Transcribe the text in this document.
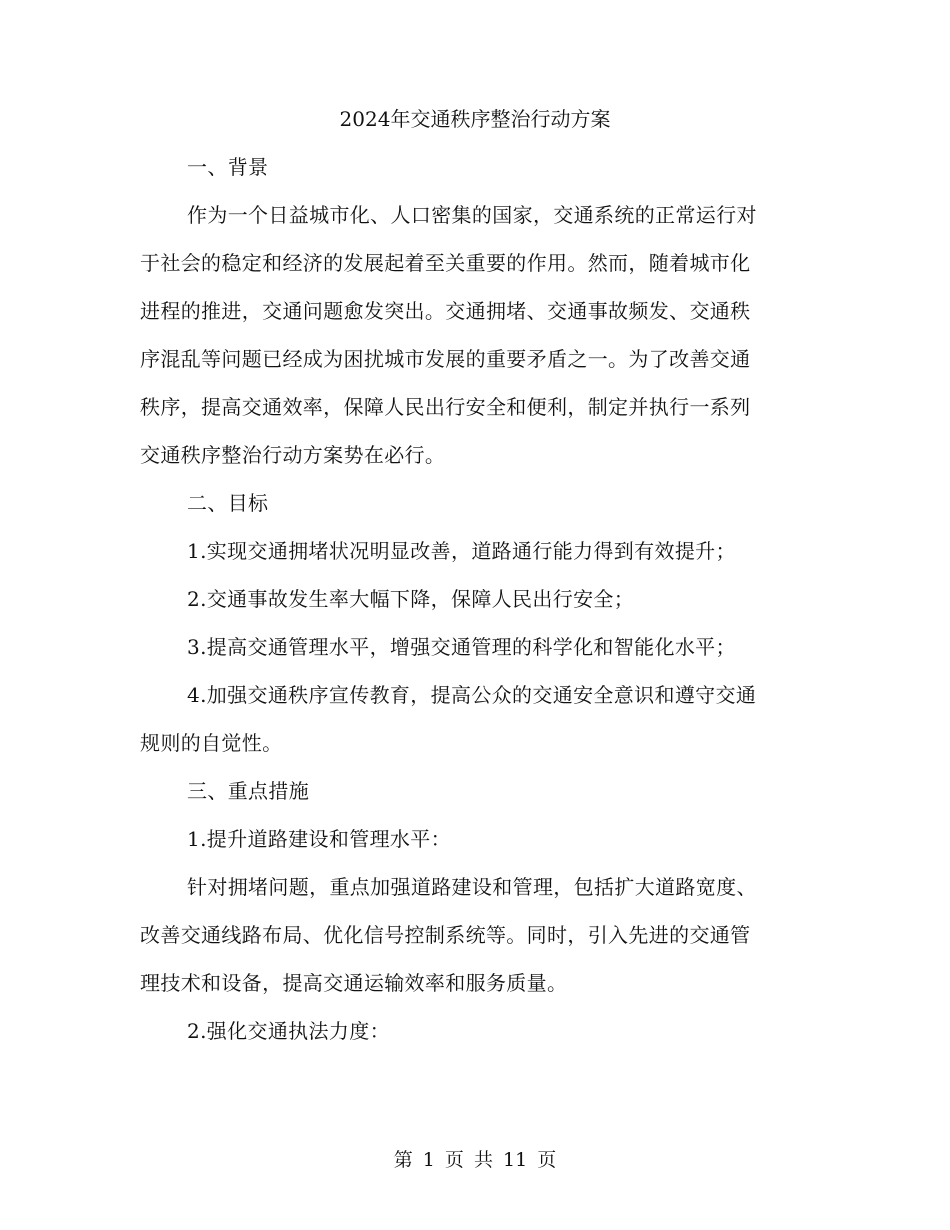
2024年交通秩序整治行动方案
一、背景
作为一个日益城市化、人口密集的国家，交通系统的正常运行对
于社会的稳定和经济的发展起着至关重要的作用。然而，随着城市化
进程的推进，交通问题愈发突出。交通拥堵、交通事故频发、交通秩
序混乱等问题已经成为困扰城市发展的重要矛盾之一。为了改善交通
秩序，提高交通效率，保障人民出行安全和便利，制定并执行一系列
交通秩序整治行动方案势在必行。
二、目标
1.实现交通拥堵状况明显改善，道路通行能力得到有效提升；
2.交通事故发生率大幅下降，保障人民出行安全；
3.提高交通管理水平，增强交通管理的科学化和智能化水平；
4.加强交通秩序宣传教育，提高公众的交通安全意识和遵守交通
规则的自觉性。
三、重点措施
1.提升道路建设和管理水平：
针对拥堵问题，重点加强道路建设和管理，包括扩大道路宽度、
改善交通线路布局、优化信号控制系统等。同时，引入先进的交通管
理技术和设备，提高交通运输效率和服务质量。
2.强化交通执法力度：
第 1 页 共 11 页
